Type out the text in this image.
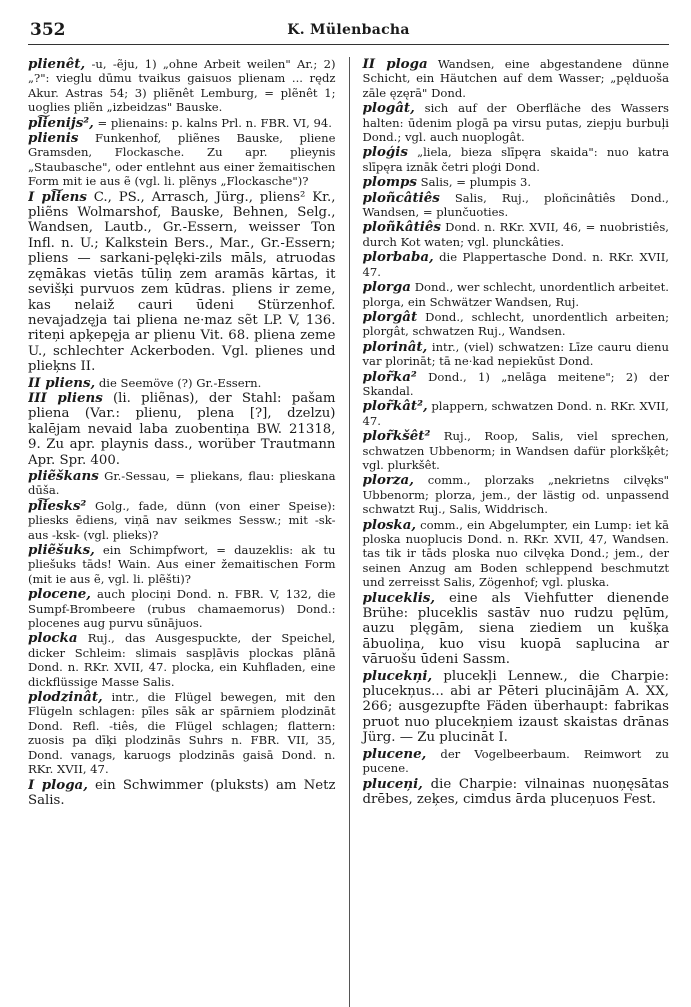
352	K. Mülenbacha

plienêt, -u, -ẽju, 1) „ohne Arbeit weilen" Ar.; 2) „?": vieglu dūmu tvaikus gaisuos plienam ... rędz Akur. Astras 54; 3) pliẽnêt Lemburg, = plẽnêt 1; uoglies pliẽn „izbeidzas" Bauske.

pl͠ienijs², = plienains: p. kalns Prl. n. FBR. VI, 94.

plienis Funkenhof, pliẽnes Bauske, pliene Gramsden, Flockasche. Zu apr. plieynis „Staubasche", oder entlehnt aus einer žemaitischen Form mit ie aus ẽ (vgl. li. plẽnys „Flockasche")?

I pl͠iens C., PS., Arrasch, Jürg., pliens² Kr., pliẽns Wolmarshof, Bauske, Behnen, Selg., Wandsen, Lautb., Gr.-Essern, weisser Ton Infl. n. U.; Kalkstein Bers., Mar., Gr.-Essern; pliens — sarkani-pęlęki-zils māls, atruodas zęmākas vietās tūliņ zem aramās kārtas, it sevišķi purvuos zem kūdras. pliens ir zeme, kas nelaiž cauri ūdeni Stürzenhof. nevajadzęja tai pliena ne·maz sẽt LP. V, 136. riteņi apķepęja ar plienu Vit. 68. pliena zeme U., schlechter Ackerboden. Vgl. plienes und plieķns II.

II pliens, die Seemöve (?) Gr.-Essern.

III pliens (li. pliẽnas), der Stahl: pašam pliena (Var.: plienu, plena [?], dzelzu) kalējam nevaid laba zuobentiņa BW. 21318, 9. Zu apr. playnis dass., worüber Trautmann Apr. Spr. 400.

pliẽškans Gr.-Sessau, = pliekans, flau: plieskana dūša.

pl͠iesks² Golg., fade, dünn (von einer Speise): pliesks ēdiens, viņā nav seikmes Sessw.; mit -sk- aus -ksk- (vgl. plieks)?

pliẽšuks, ein Schimpfwort, = dauzeklis: ak tu pliešuks tāds! Wain. Aus einer žemaitischen Form (mit ie aus ẽ, vgl. li. plẽšti)?

plocene, auch plociņi Dond. n. FBR. V, 132, die Sumpf-Brombeere (rubus chamaemorus) Dond.: plocenes aug purvu sūnājuos.

plocka Ruj., das Ausgespuckte, der Speichel, dicker Schleim: slimais saspļāvis plockas plānā Dond. n. RKr. XVII, 47. plocka, ein Kuhfladen, eine dickflüssige Masse Salis.

plodzinât, intr., die Flügel bewegen, mit den Flügeln schlagen: pīles sāk ar spārniem plodzināt Dond. Refl. -tiês, die Flügel schlagen; flattern: zuosis pa dīķi plodzinās Suhrs n. FBR. VII, 35, Dond. vanags, karuogs plodzinās gaisā Dond. n. RKr. XVII, 47.

I ploga, ein Schwimmer (pluksts) am Netz Salis.

II ploga Wandsen, eine abgestandene dünne Schicht, ein Häutchen auf dem Wasser; „pęlduoša zāle ęzęrā" Dond.

plogât, sich auf der Oberfläche des Wassers halten: ūdenim plogā pa virsu putas, ziepju burbuļi Dond.; vgl. auch nuoplogât.

ploģis „liela, bieza slīpęra skaida": nuo katra slīpęra iznāk četri ploģi Dond.

plomps Salis, = plumpis 3.

ploñcâtiês Salis, Ruj., ploñcinâtiês Dond., Wandsen, = plunčuoties.

ploñkâtiês Dond. n. RKr. XVII, 46, = nuobristiês, durch Kot waten; vgl. plunckâties.

plorbaba, die Plappertasche Dond. n. RKr. XVII, 47.

plorga Dond., wer schlecht, unordentlich arbeitet. plorga, ein Schwätzer Wandsen, Ruj.

plorgât Dond., schlecht, unordentlich arbeiten; plorgât, schwatzen Ruj., Wandsen.

plorinât, intr., (viel) schwatzen: Līze cauru dienu var plorināt; tā ne·kad nepiekūst Dond.

plor̃ka² Dond., 1) „nelāga meitene"; 2) der Skandal.

plor̃kât², plappern, schwatzen Dond. n. RKr. XVII, 47.

plor̃kšêt² Ruj., Roop, Salis, viel sprechen, schwatzen Ubbenorm; in Wandsen dafür plorkšķêt; vgl. plurkšêt.

plorza, comm., plorzaks „nekrietns cilvęks" Ubbenorm; plorza, jem., der lästig od. unpassend schwatzt Ruj., Salis, Widdrisch.

ploska, comm., ein Abgelumpter, ein Lump: iet kā ploska nuoplucis Dond. n. RKr. XVII, 47, Wandsen. tas tik ir tāds ploska nuo cilvęka Dond.; jem., der seinen Anzug am Boden schleppend beschmutzt und zerreisst Salis, Zögenhof; vgl. pluska.

pluceklis, eine als Viehfutter dienende Brühe: pluceklis sastāv nuo rudzu pęlūm, auzu plęgām, siena ziediem un kušķa ābuoliņa, kuo visu kuopā saplucina ar vāruošu ūdeni Sassm.

plucekņi, plucekļi Lennew., die Charpie: plucekņus... abi ar Pēteri plucinājām A. XX, 266; ausgezupfte Fäden überhaupt: fabrikas pruot nuo plucekņiem izaust skaistas drānas Jürg. — Zu plucināt I.

plucene, der Vogelbeerbaum. Reimwort zu pucene.

pluceņi, die Charpie: vilnainas nuoņęsātas drēbes, zeķes, cimdus ārda pluceņuos Fest.
